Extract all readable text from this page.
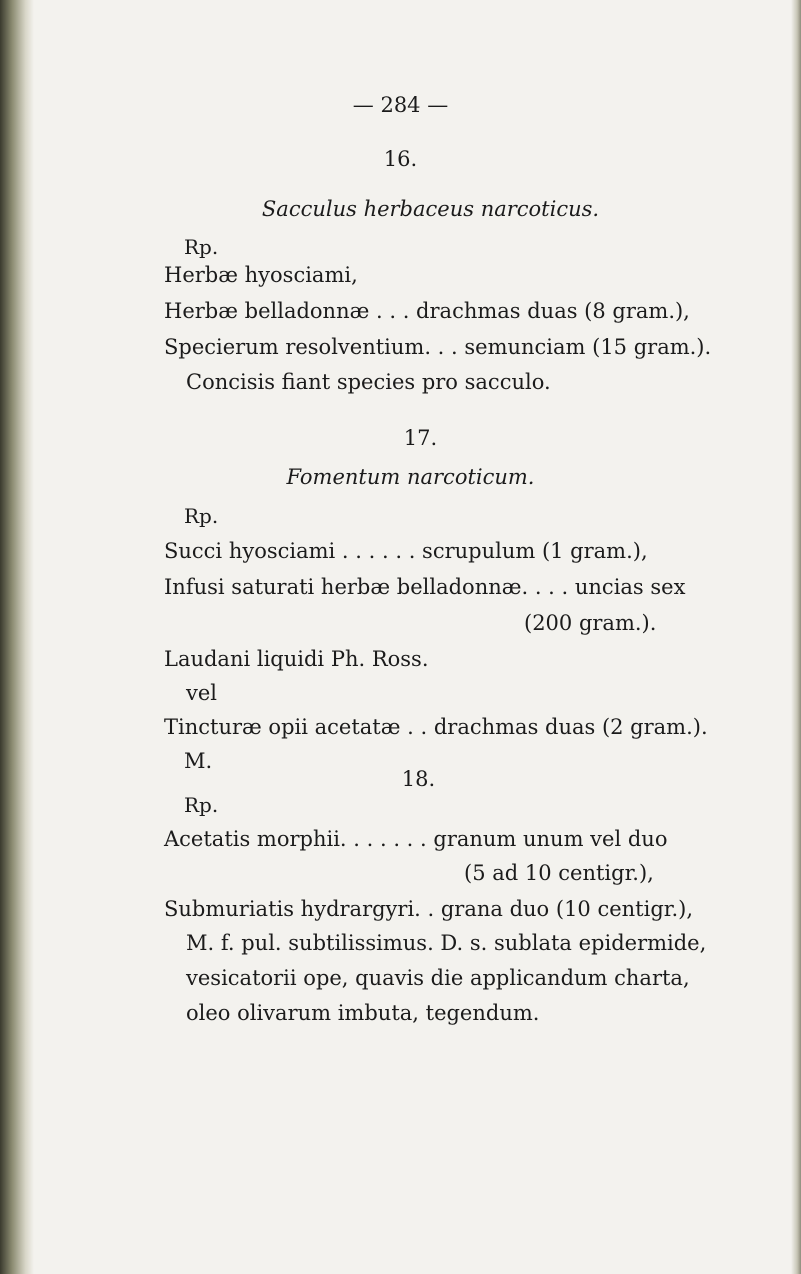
— 284 —
16.
Sacculus herbaceus narcoticus.
Rp.
Herbæ hyosciami,
Herbæ belladonnæ . . . drachmas duas (8 gram.),
Specierum resolventium. . . semunciam (15 gram.).
Concisis fiant species pro sacculo.
17.
Fomentum narcoticum.
Rp.
Succi hyosciami . . . . . . scrupulum (1 gram.),
Infusi saturati herbæ belladonnæ. . . . uncias sex
(200 gram.).
Laudani liquidi Ph. Ross.
vel
Tincturæ opii acetatæ . . drachmas duas (2 gram.).
M.
18.
Rp.
Acetatis morphii. . . . . . . granum unum vel duo
(5 ad 10 centigr.),
Submuriatis hydrargyri. . grana duo (10 centigr.),
M. f. pul. subtilissimus. D. s. sublata epidermide,
vesicatorii ope, quavis die applicandum charta,
oleo olivarum imbuta, tegendum.
